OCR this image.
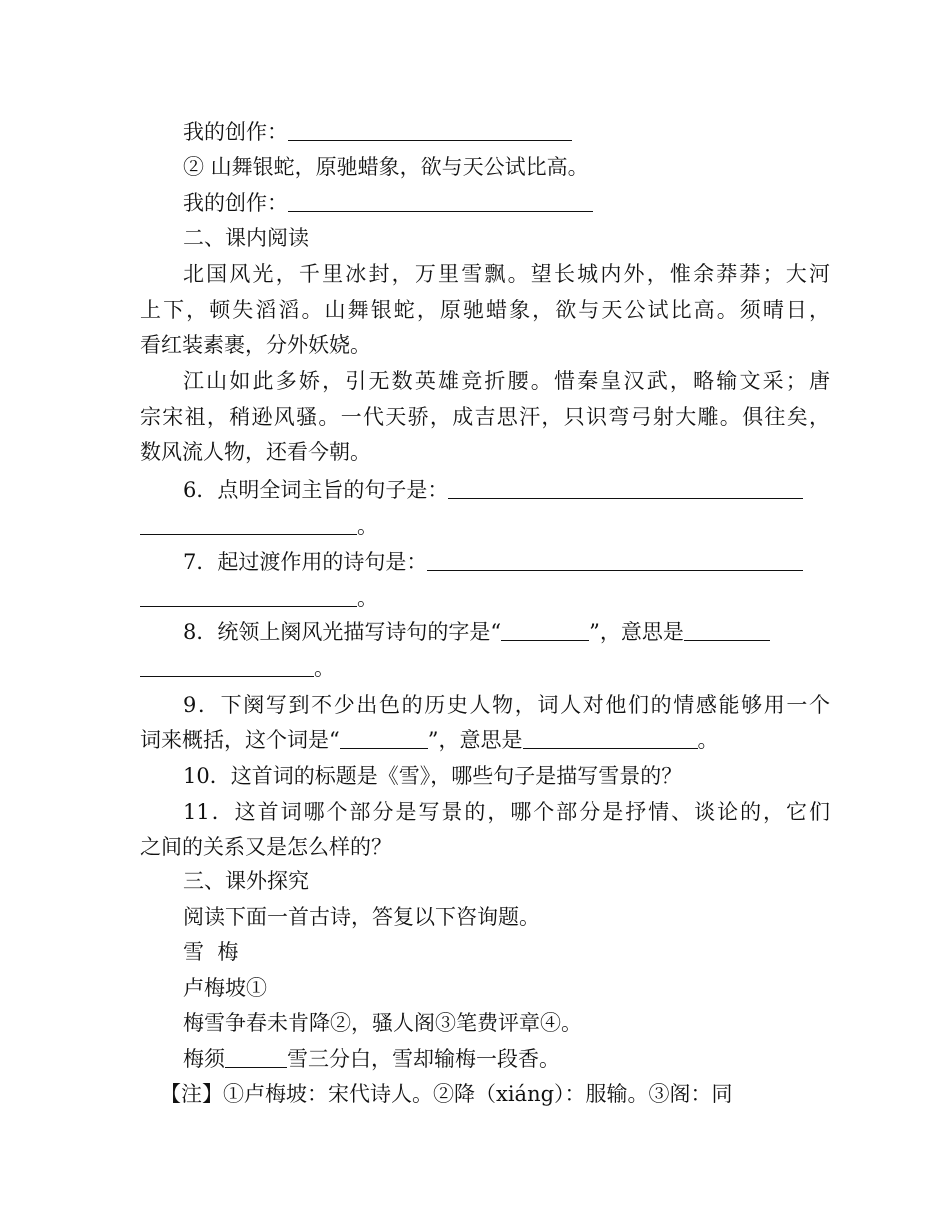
我的创作：
② 山舞银蛇，原驰蜡象，欲与天公试比高。
我的创作：
二、课内阅读
北国风光，千里冰封，万里雪飘。望长城内外，惟余莽莽；大河
上下，顿失滔滔。山舞银蛇，原驰蜡象，欲与天公试比高。须晴日，
看红装素裹，分外妖娆。
江山如此多娇，引无数英雄竞折腰。惜秦皇汉武，略输文采；唐
宗宋祖，稍逊风骚。一代天骄，成吉思汗，只识弯弓射大雕。俱往矣，
数风流人物，还看今朝。
6．点明全词主旨的句子是：
。
7．起过渡作用的诗句是：
。
8．统领上阕风光描写诗句的字是“	”，意思是
。
9．下阕写到不少出色的历史人物，词人对他们的情感能够用一个
词来概括，这个词是“	”，意思是	。
10．这首词的标题是《雪》，哪些句子是描写雪景的？
11．这首词哪个部分是写景的，哪个部分是抒情、谈论的，它们
之间的关系又是怎么样的？
三、课外探究
阅读下面一首古诗，答复以下咨询题。
雪  梅
卢梅坡①
梅雪争春未肯降②，骚人阁③笔费评章④。
梅须	雪三分白，雪却输梅一段香。
【注】①卢梅坡：宋代诗人。②降（xiáng）：服输。③阁：同
